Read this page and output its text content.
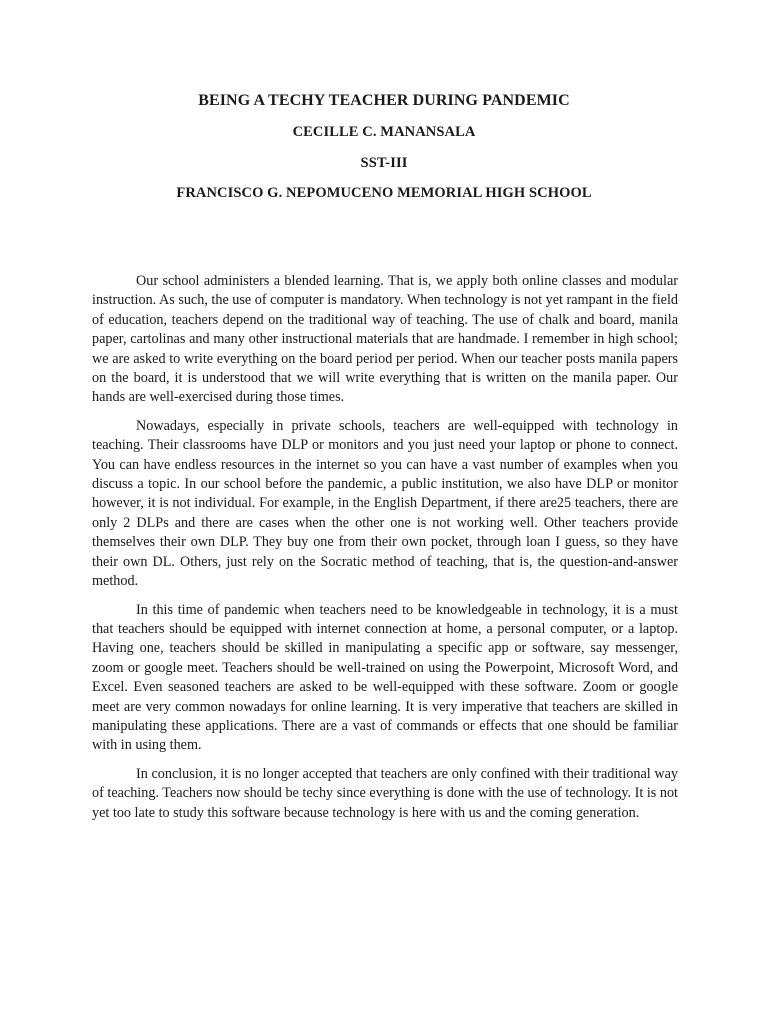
BEING A TECHY TEACHER DURING PANDEMIC
CECILLE C. MANANSALA
SST-III
FRANCISCO G. NEPOMUCENO MEMORIAL HIGH SCHOOL

Our school administers a blended learning. That is, we apply both online classes and modular instruction. As such, the use of computer is mandatory. When technology is not yet rampant in the field of education, teachers depend on the traditional way of teaching. The use of chalk and board, manila paper, cartolinas and many other instructional materials that are handmade. I remember in high school; we are asked to write everything on the board period per period. When our teacher posts manila papers on the board, it is understood that we will write everything that is written on the manila paper. Our hands are well-exercised during those times.

Nowadays, especially in private schools, teachers are well-equipped with technology in teaching. Their classrooms have DLP or monitors and you just need your laptop or phone to connect. You can have endless resources in the internet so you can have a vast number of examples when you discuss a topic. In our school before the pandemic, a public institution, we also have DLP or monitor however, it is not individual. For example, in the English Department, if there are25 teachers, there are only 2 DLPs and there are cases when the other one is not working well. Other teachers provide themselves their own DLP. They buy one from their own pocket, through loan I guess, so they have their own DL. Others, just rely on the Socratic method of teaching, that is, the question-and-answer method.

In this time of pandemic when teachers need to be knowledgeable in technology, it is a must that teachers should be equipped with internet connection at home, a personal computer, or a laptop. Having one, teachers should be skilled in manipulating a specific app or software, say messenger, zoom or google meet. Teachers should be well-trained on using the Powerpoint, Microsoft Word, and Excel. Even seasoned teachers are asked to be well-equipped with these software. Zoom or google meet are very common nowadays for online learning. It is very imperative that teachers are skilled in manipulating these applications. There are a vast of commands or effects that one should be familiar with in using them.

In conclusion, it is no longer accepted that teachers are only confined with their traditional way of teaching. Teachers now should be techy since everything is done with the use of technology. It is not yet too late to study this software because technology is here with us and the coming generation.
